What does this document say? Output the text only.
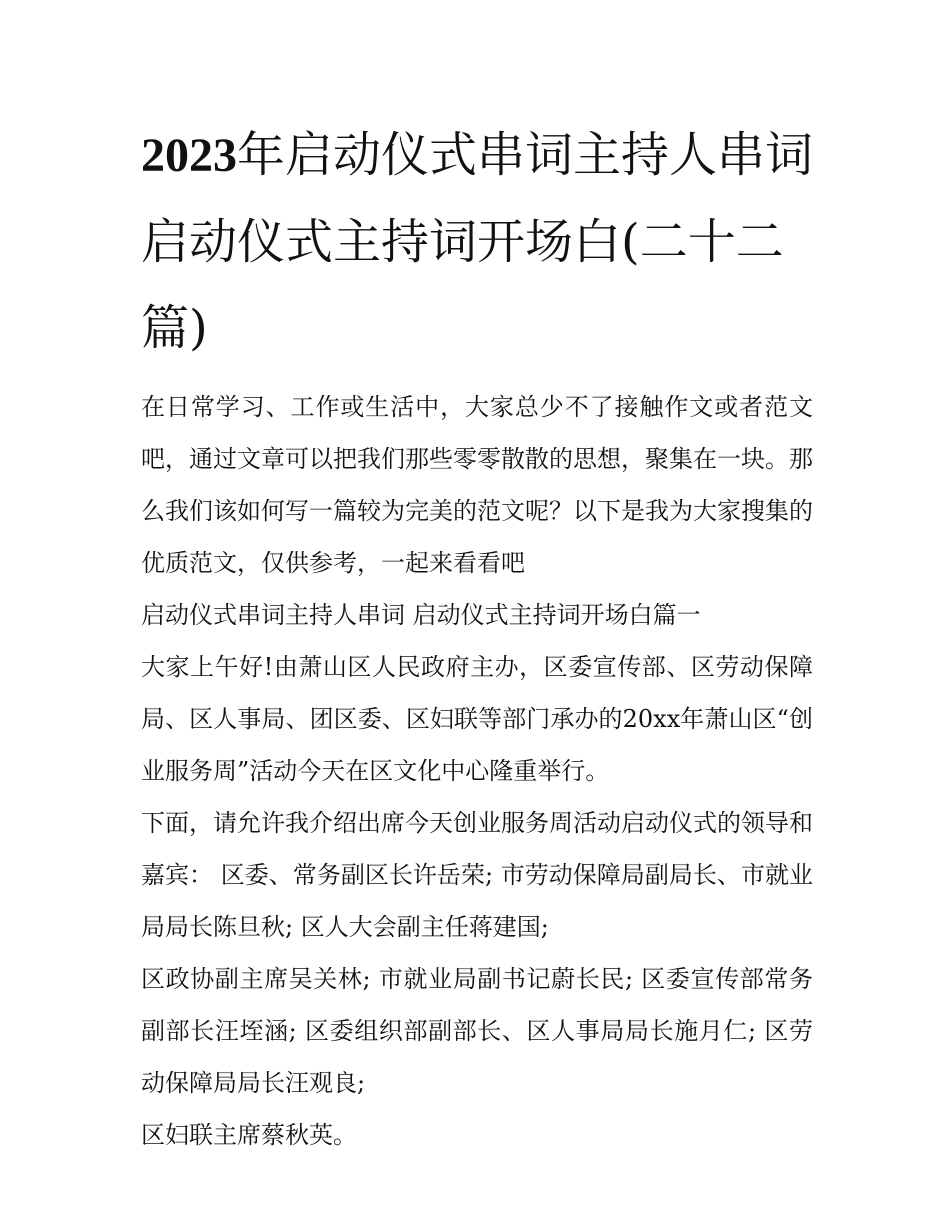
2023年启动仪式串词主持人串词 启动仪式主持词开场白(二十二篇)

在日常学习、工作或生活中，大家总少不了接触作文或者范文吧，通过文章可以把我们那些零零散散的思想，聚集在一块。那么我们该如何写一篇较为完美的范文呢？以下是我为大家搜集的优质范文，仅供参考，一起来看看吧

启动仪式串词主持人串词 启动仪式主持词开场白篇一

大家上午好!由萧山区人民政府主办，区委宣传部、区劳动保障局、区人事局、团区委、区妇联等部门承办的20xx年萧山区“创业服务周”活动今天在区文化中心隆重举行。

下面，请允许我介绍出席今天创业服务周活动启动仪式的领导和嘉宾： 区委、常务副区长许岳荣; 市劳动保障局副局长、市就业局局长陈旦秋; 区人大会副主任蒋建国;

区政协副主席吴关林; 市就业局副书记蔚长民; 区委宣传部常务副部长汪垤涵; 区委组织部副部长、区人事局局长施月仁; 区劳动保障局局长汪观良;

区妇联主席蔡秋英。
